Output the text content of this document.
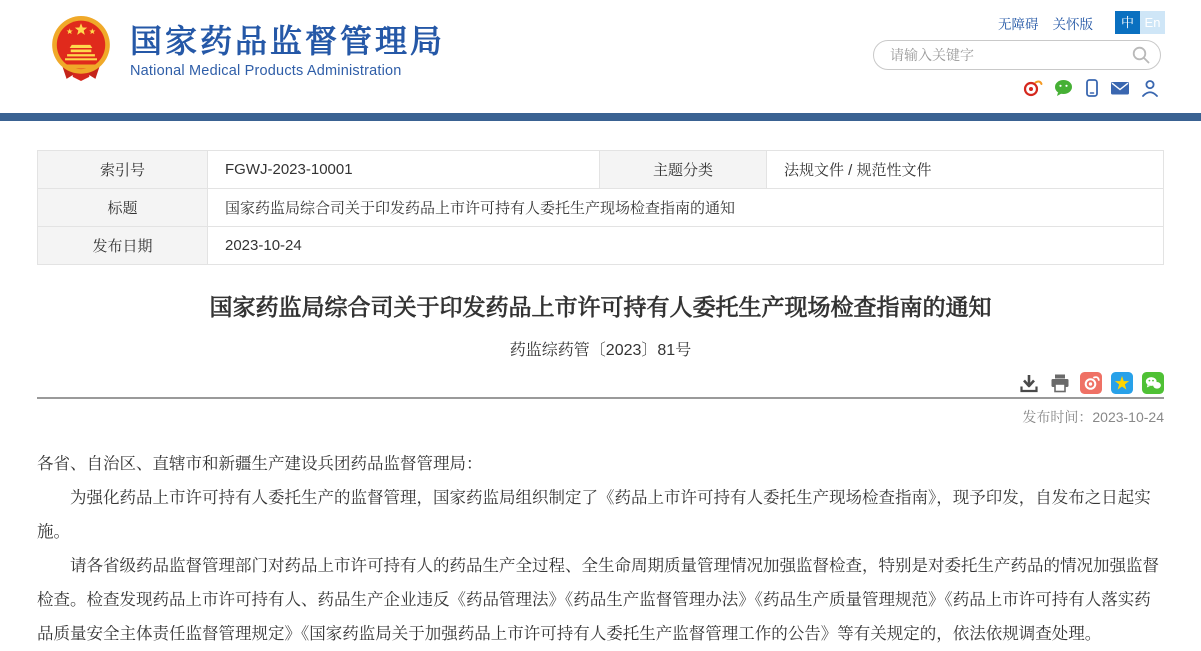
国家药品监督管理局
National Medical Products Administration
无障碍 关怀版	中 En
请输入关键字
索引号	FGWJ-2023-10001	主题分类	法规文件 / 规范性文件
标题	国家药监局综合司关于印发药品上市许可持有人委托生产现场检查指南的通知		
发布日期	2023-10-24		
国家药监局综合司关于印发药品上市许可持有人委托生产现场检查指南的通知
药监综药管〔2023〕81号
发布时间：2023-10-24

各省、自治区、直辖市和新疆生产建设兵团药品监督管理局：

为强化药品上市许可持有人委托生产的监督管理，国家药监局组织制定了《药品上市许可持有人委托生产现场检查指南》，现予印发，自发布之日起实施。

请各省级药品监督管理部门对药品上市许可持有人的药品生产全过程、全生命周期质量管理情况加强监督检查，特别是对委托生产药品的情况加强监督检查。检查发现药品上市许可持有人、药品生产企业违反《药品管理法》《药品生产监督管理办法》《药品生产质量管理规范》《药品上市许可持有人落实药品质量安全主体责任监督管理规定》《国家药监局关于加强药品上市许可持有人委托生产监督管理工作的公告》等有关规定的，依法依规调查处理。
